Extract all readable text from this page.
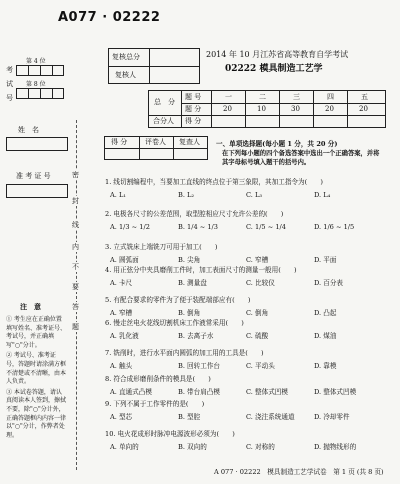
A077 · 02222
2014 年 10 月江苏省高等教育自学考试
02222 模具制造工艺学
复核总分
复核人
总　分
题 号	一	二	三	四	五
题 分	20	10	30	20	20
合分人 得 分
考
试
号
第 4 位
第 8 位
姓　名
准 考 证 号
注　意
① 考生应在正确位置填写姓名、准考证号、考试号，并正确填写"○"分计。
② 考试号、准考证号，答题时请涂满方框不清楚或不清晰，由本人负责。
③ 本试卷答题，请认真阅读本人签到，擦拭不要，除"○"分计外，正确答题框内内容一律以"○"分计，作弊者处理。
密
封
线
内
不
要
答
题
得 分	评卷人 复查人 一、单项选择题(每小题 1 分，共 20 分)
在下列每小题的四个备选答案中选出一个正确答案，并将
其字母标号填入题干的括号内。
1. 线切割编程中，当要加工直线的终点位于第三象限，其加工指令为(　　)
A. L₁	B. L₂	C. L₃	D. L₄
2. 电极各尺寸的公差范围，取型腔相应尺寸允许公差的(　　)
A. 1/3 ~ 1/2	B. 1/4 ~ 1/3	C. 1/5 ~ 1/4	D. 1/6 ~ 1/5
3. 立式铣床上端铣刀可用于加工(　　)
A. 圆弧面	B. 尖角	C. 窄槽	D. 平面
4. 用正弦分中夹具磨削工件时，加工表面尺寸的测量一般用(　　)
A. 卡尺	B. 测量盘	C. 比较仪	D. 百分表
5. 有配合要求的零件为了便于装配端部应有(　　)
A. 窄槽	B. 倒角	C. 倒角	D. 凸起
6. 慢走丝电火花线切割机床工作液常采用(　　)
A. 乳化液	B. 去离子水	C. 硫酸	D. 煤油
7. 铣削时，进行水平面内圆弧的加工用的工具是(　　)
A. 触头	B. 回转工作台	C. 平动头	D. 靠模
8. 符合成形磨削条件的模具是(　　)
A. 直通式凸模	B. 带台肩凸模	C. 整体式凹模	D. 整体式凹模
9. 下列不属于工作零件的是(　　)
A. 型芯	B. 型腔	C. 浇注系统通道	D. 冷却零件
10. 电火花成形时脉冲电源波形必须为(　　)
A. 单向的	B. 双向的	C. 对称的	D. 抛物线形的
A 077 · 02222　模具制造工艺学试卷　第 1 页 (共 8 页)
